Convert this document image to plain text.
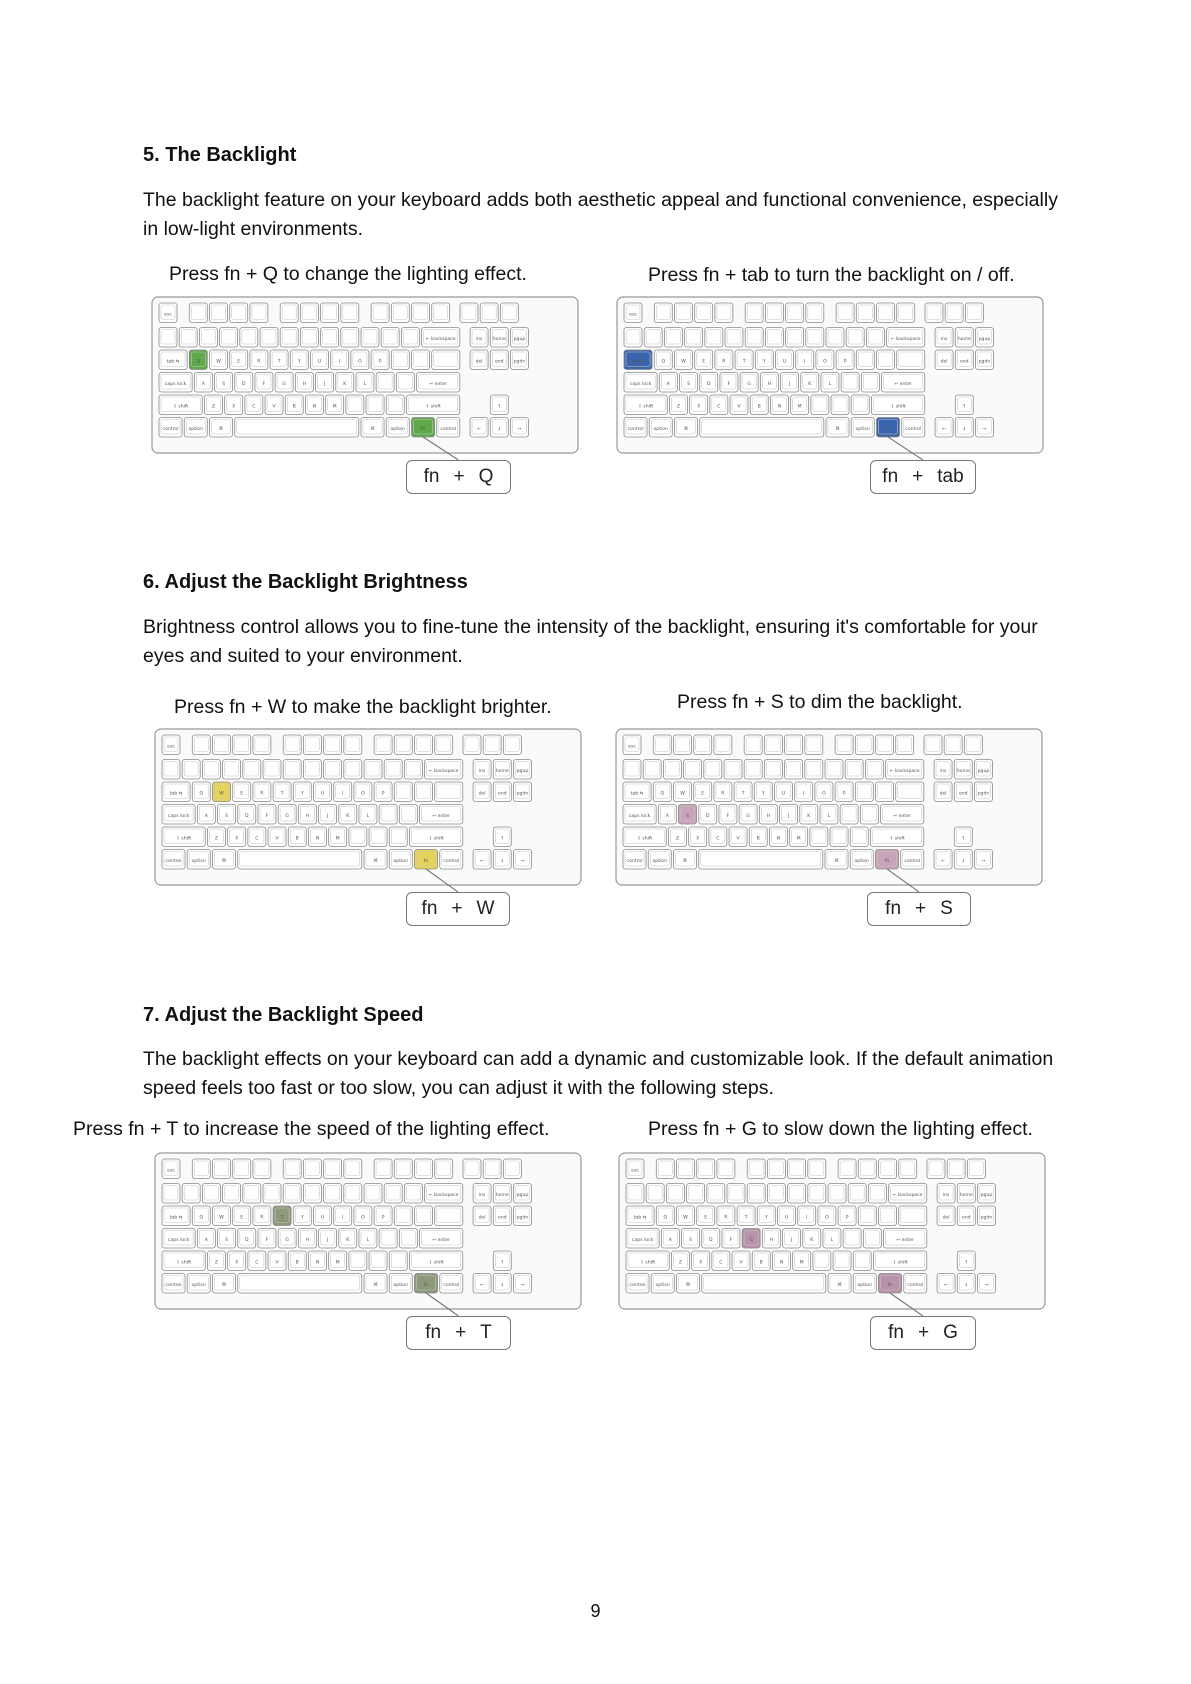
5. The Backlight

The backlight feature on your keyboard adds both aesthetic appeal and functional convenience, especially in low-light environments.

Press fn + Q to change the lighting effect.	Press fn + tab to turn the backlight on / off.

esc
← backspace	ins home pgup
tab ⇆	Q	W	E	R	T	Y	U	I	O	P	del	end pgdn
caps lock	A	S	D	F	G	H	J	K	L	↵ enter
⇧ shift	Z	X	C	V	B	N	M	⇧ shift	↑
control option	⌘	⌘	option	fn	control	←	↓	→
esc
← backspace	ins home pgup
tab ⇆	Q	W	E	R	T	Y	U	I	O	P	del	end pgdn
caps lock	A	S	D	F	G	H	J	K	L	↵ enter
⇧ shift	Z	X	C	V	B	N	M	⇧ shift	↑
control option	⌘	⌘	option	fn	control	←	↓	→
fn + Q	fn + tab
6. Adjust the Backlight Brightness

Brightness control allows you to fine-tune the intensity of the backlight, ensuring it's comfortable for your eyes and suited to your environment.

Press fn + W to make the backlight brighter.	Press fn + S to dim the backlight.

esc
← backspace	ins home pgup
tab ⇆	Q	W	E	R	T	Y	U	I	O	P	del	end pgdn
caps lock	A	S	D	F	G	H	J	K	L	↵ enter
⇧ shift	Z	X	C	V	B	N	M	⇧ shift	↑
control option	⌘	⌘	option	fn	control	←	↓	→
esc
← backspace	ins home pgup
tab ⇆	Q	W	E	R	T	Y	U	I	O	P	del	end pgdn
caps lock	A	S	D	F	G	H	J	K	L	↵ enter
⇧ shift	Z	X	C	V	B	N	M	⇧ shift	↑
control option	⌘	⌘	option	fn	control	←	↓	→
fn + W	fn + S
7. Adjust the Backlight Speed

The backlight effects on your keyboard can add a dynamic and customizable look. If the default animation speed feels too fast or too slow, you can adjust it with the following steps.

Press fn + T to increase the speed of the lighting effect.	Press fn + G to slow down the lighting effect.

esc
← backspace	ins home pgup
tab ⇆	Q	W	E	R	T	Y	U	I	O	P	del	end pgdn
caps lock	A	S	D	F	G	H	J	K	L	↵ enter
⇧ shift	Z	X	C	V	B	N	M	⇧ shift	↑
control option	⌘	⌘	option	fn	control	←	↓	→
esc
← backspace	ins home pgup
tab ⇆	Q	W	E	R	T	Y	U	I	O	P	del	end pgdn
caps lock	A	S	D	F	G	H	J	K	L	↵ enter
⇧ shift	Z	X	C	V	B	N	M	⇧ shift	↑
control option	⌘	⌘	option	fn	control	←	↓	→
fn + T	fn + G
9
